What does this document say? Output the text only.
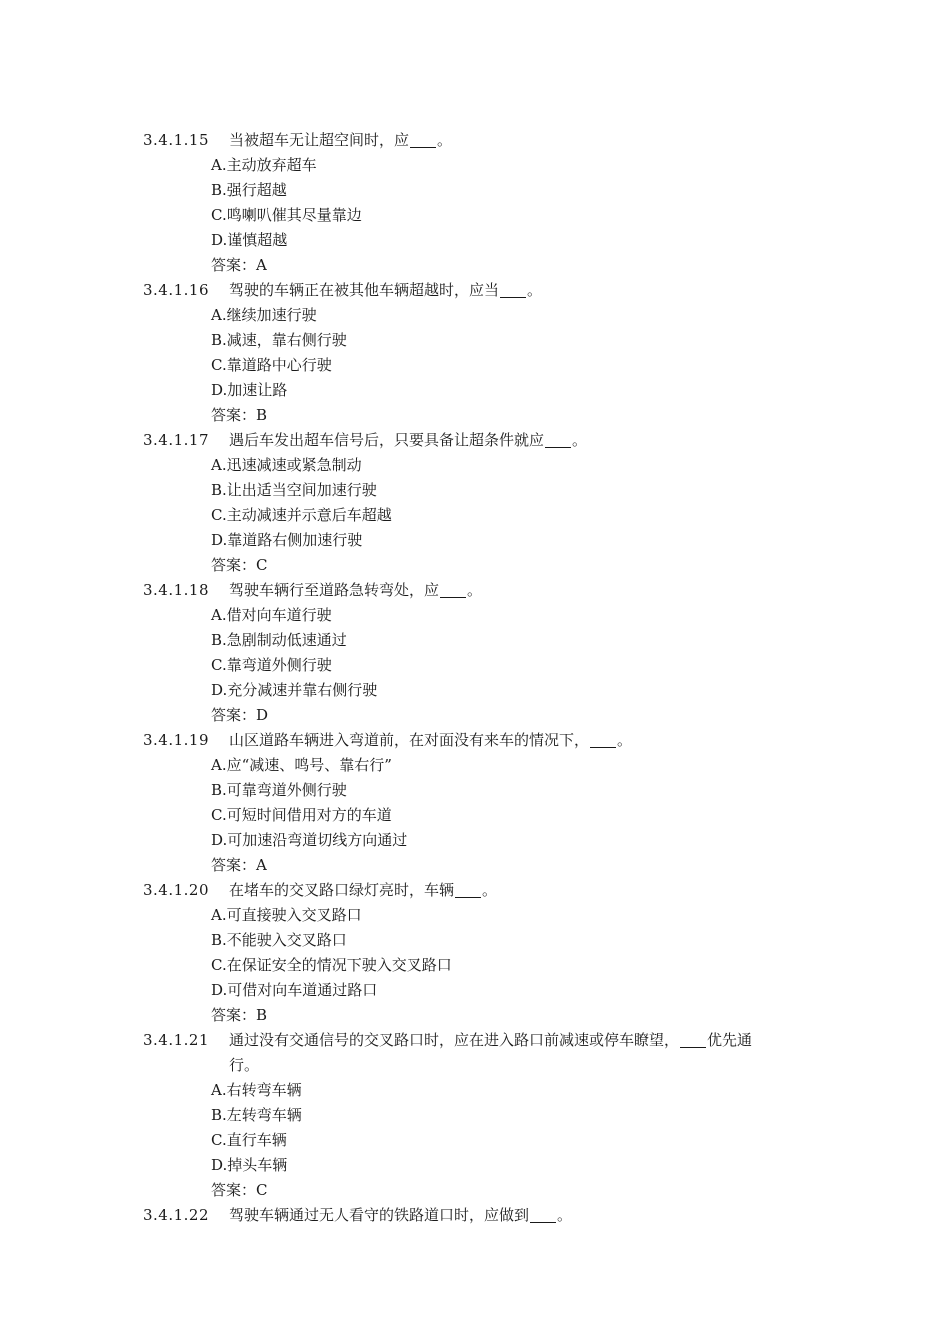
3.4.1.15	当被超车无让超空间时，应 。
A.主动放弃超车
B.强行超越
C.鸣喇叭催其尽量靠边
D.谨慎超越
答案：A
3.4.1.16	驾驶的车辆正在被其他车辆超越时，应当 。
A.继续加速行驶
B.减速，靠右侧行驶
C.靠道路中心行驶
D.加速让路
答案：B
3.4.1.17	遇后车发出超车信号后，只要具备让超条件就应 。
A.迅速减速或紧急制动
B.让出适当空间加速行驶
C.主动减速并示意后车超越
D.靠道路右侧加速行驶
答案：C
3.4.1.18	驾驶车辆行至道路急转弯处，应 。
A.借对向车道行驶
B.急剧制动低速通过
C.靠弯道外侧行驶
D.充分减速并靠右侧行驶
答案：D
3.4.1.19	山区道路车辆进入弯道前，在对面没有来车的情况下， 。
A.应“减速、鸣号、靠右行”
B.可靠弯道外侧行驶
C.可短时间借用对方的车道
D.可加速沿弯道切线方向通过
答案：A
3.4.1.20	在堵车的交叉路口绿灯亮时，车辆 。
A.可直接驶入交叉路口
B.不能驶入交叉路口
C.在保证安全的情况下驶入交叉路口
D.可借对向车道通过路口
答案：B
3.4.1.21	通过没有交通信号的交叉路口时，应在进入路口前减速或停车瞭望， 优先通
行。
A.右转弯车辆
B.左转弯车辆
C.直行车辆
D.掉头车辆
答案：C
3.4.1.22	驾驶车辆通过无人看守的铁路道口时，应做到 。
